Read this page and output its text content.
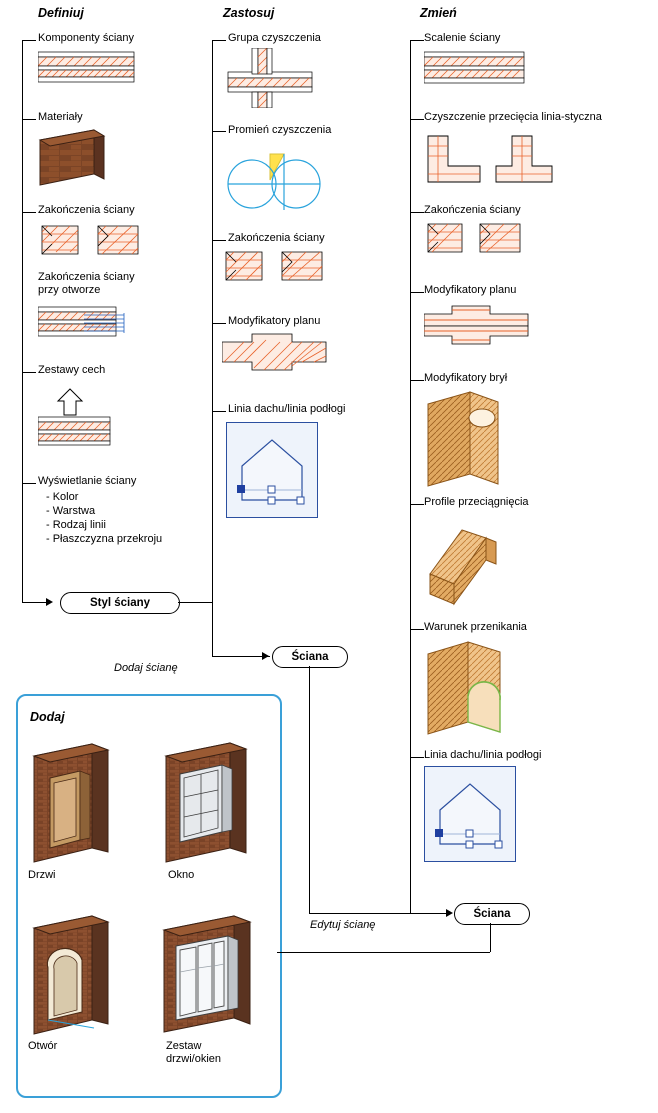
Definiuj	Zastosuj	Zmień
Komponenty ściany
Materiały
Zakończenia ściany
Zakończenia ściany
przy otworze
Zestawy cech
Wyświetlanie ściany
- Kolor
- Warstwa
- Rodzaj linii
- Płaszczyzna przekroju
Styl ściany
Grupa czyszczenia
Promień czyszczenia
Zakończenia ściany
Modyfikatory planu
Linia dachu/linia podłogi
Ściana
Dodaj ścianę
Scalenie ściany
Czyszczenie przecięcia linia-styczna
Zakończenia ściany
Modyfikatory planu
Modyfikatory brył
Profile przeciągnięcia
Warunek przenikania
Linia dachu/linia podłogi
Ściana
Edytuj ścianę
Dodaj
Drzwi	Okno
Otwór	Zestaw
drzwi/okien
